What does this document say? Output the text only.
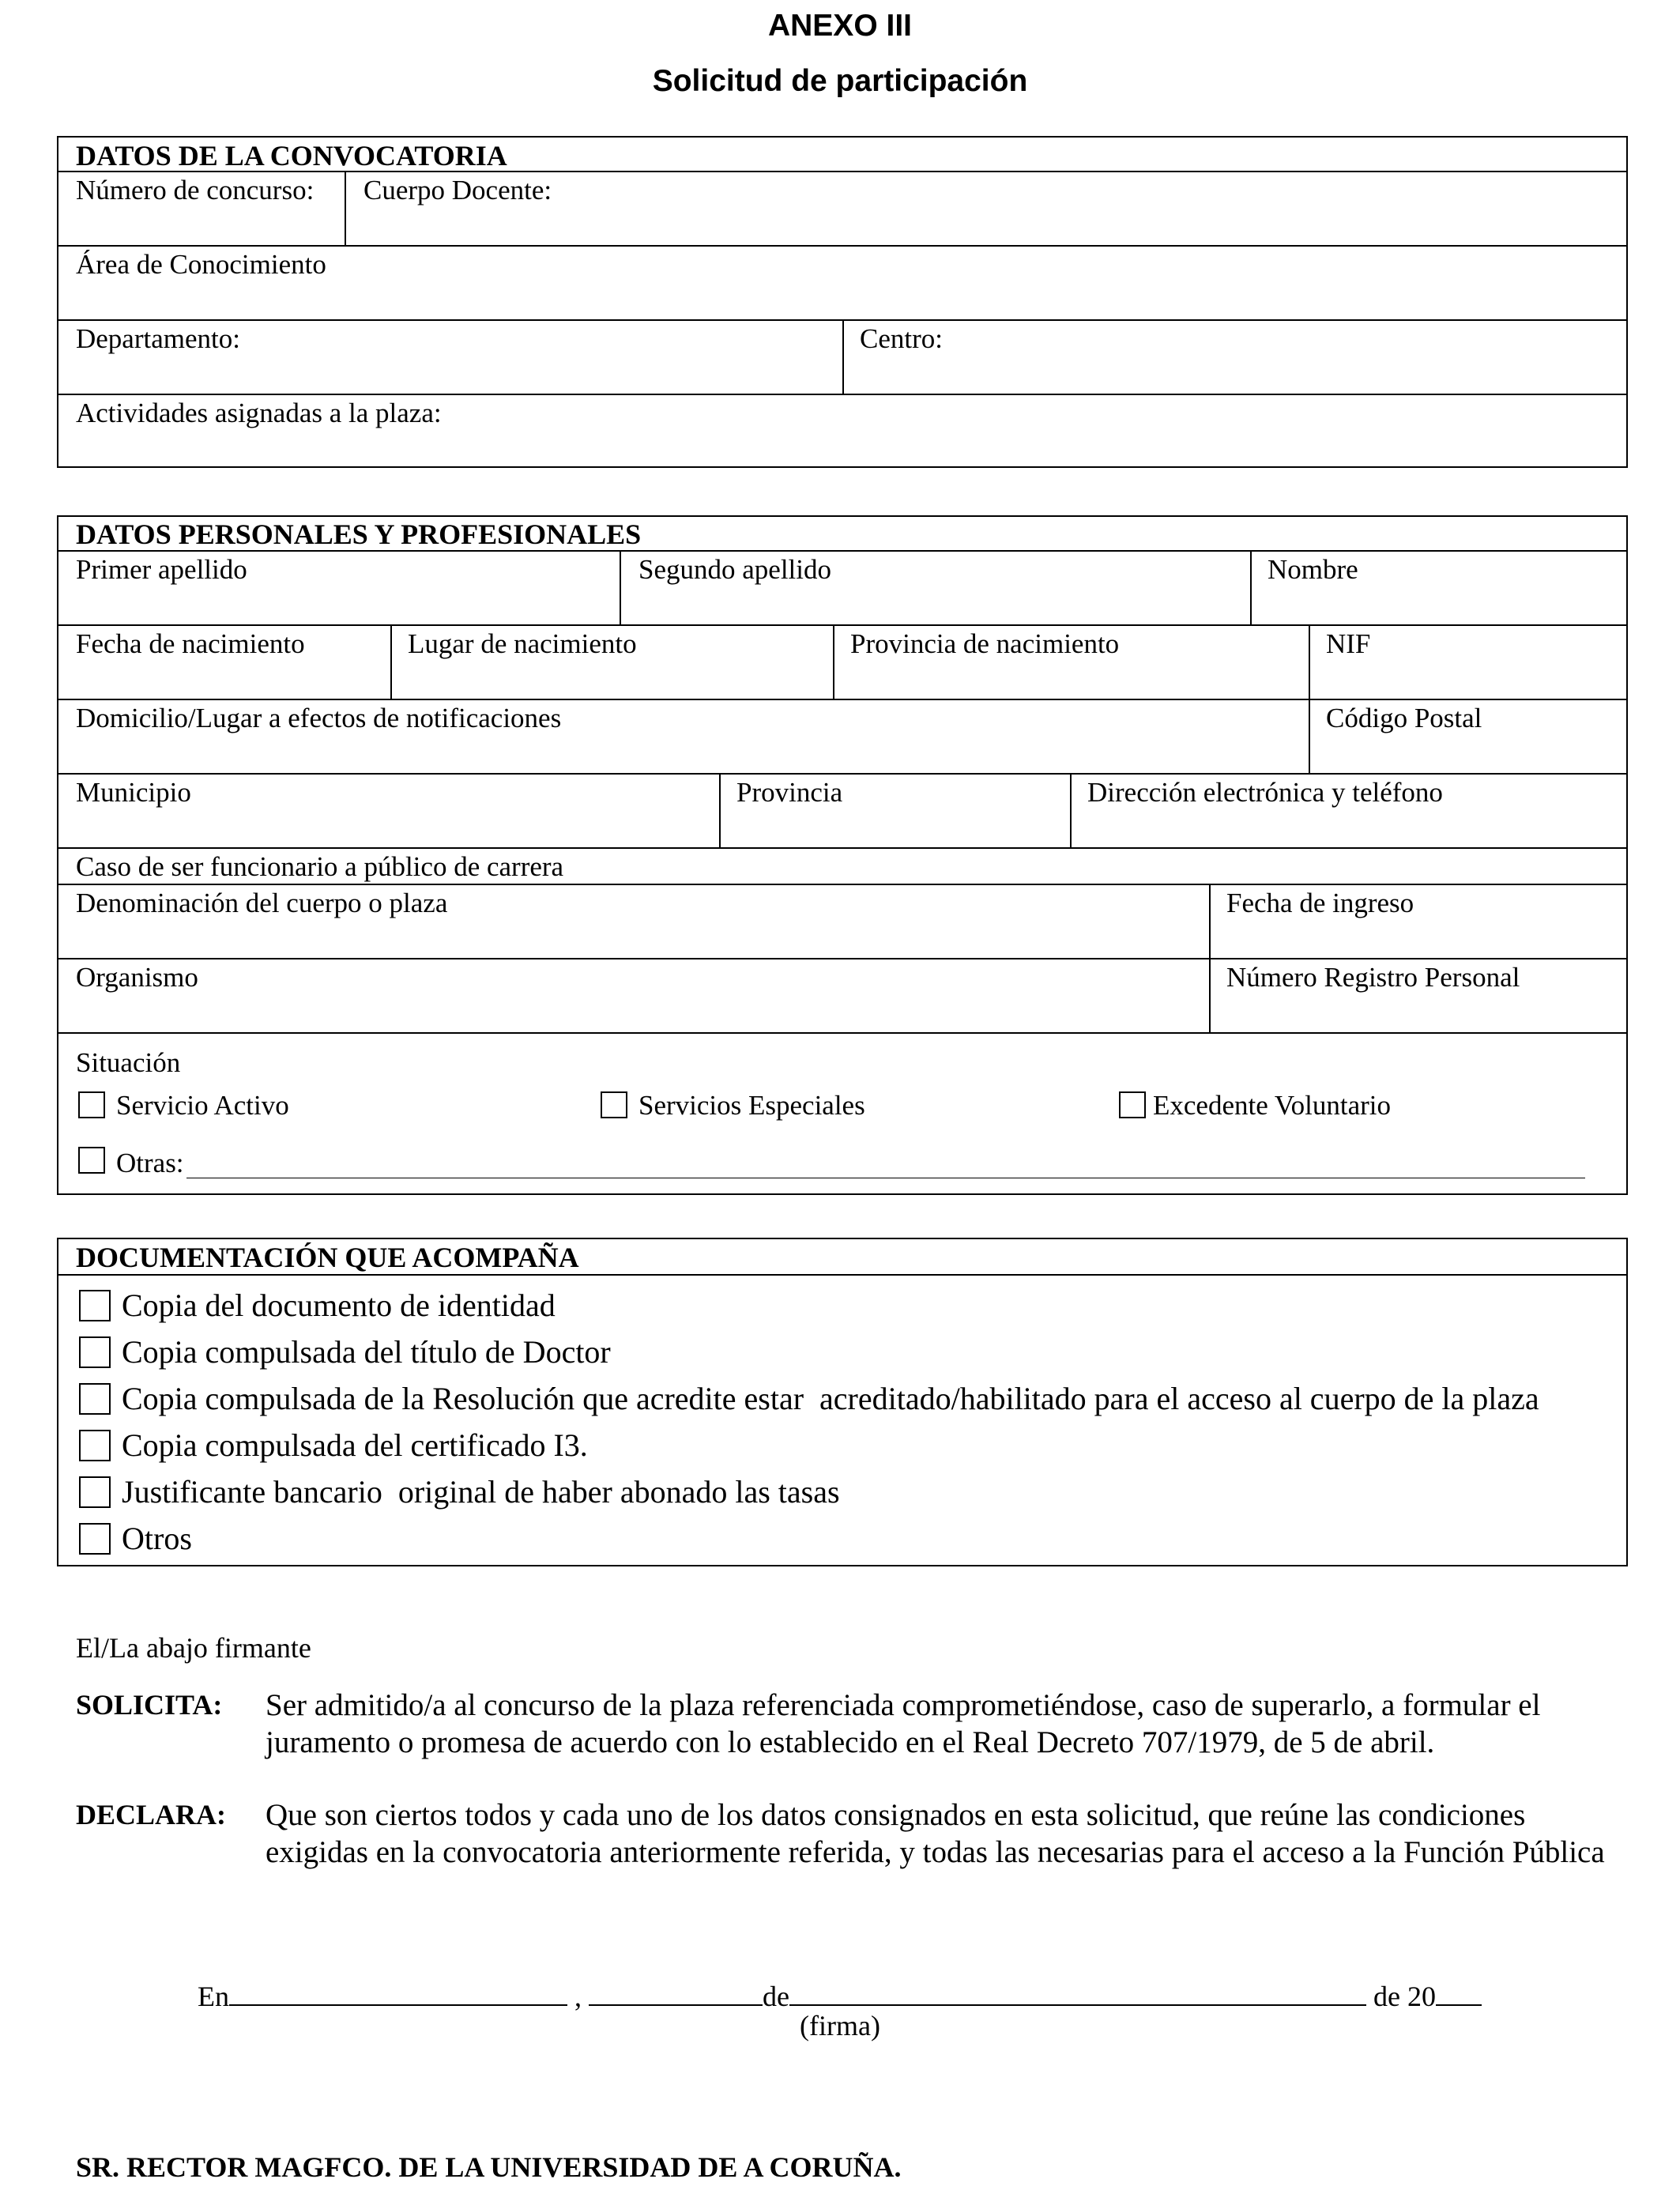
ANEXO III
Solicitud de participación
DATOS DE LA CONVOCATORIA
Número de concurso: Cuerpo Docente:
Área de Conocimiento
Departamento:	Centro:
Actividades asignadas a la plaza:
DATOS PERSONALES Y PROFESIONALES
Primer apellido	Segundo apellido	Nombre
Fecha de nacimiento	Lugar de nacimiento	Provincia de nacimiento	NIF
Domicilio/Lugar a efectos de notificaciones	Código Postal
Municipio	Provincia	Dirección electrónica y teléfono
Caso de ser funcionario a público de carrera
Denominación del cuerpo o plaza	Fecha de ingreso
Organismo	Número Registro Personal
Situación
Servicio Activo	Servicios Especiales	Excedente Voluntario
Otras:
DOCUMENTACIÓN QUE ACOMPAÑA
Copia del documento de identidad
Copia compulsada del título de Doctor
Copia compulsada de la Resolución que acredite estar  acreditado/habilitado para el acceso al cuerpo de la plaza
Copia compulsada del certificado I3.
Justificante bancario  original de haber abonado las tasas
Otros
El/La abajo firmante
SOLICITA: Ser admitido/a al concurso de la plaza referenciada comprometiéndose, caso de superarlo, a formular el juramento o promesa de acuerdo con lo establecido en el Real Decreto 707/1979, de 5 de abril.
DECLARA: Que son ciertos todos y cada uno de los datos consignados en esta solicitud, que reúne las condiciones exigidas en la convocatoria anteriormente referida, y todas las necesarias para el acceso a la Función Pública
En	,	de	de 20
(firma)
SR. RECTOR MAGFCO. DE LA UNIVERSIDAD DE A CORUÑA.
